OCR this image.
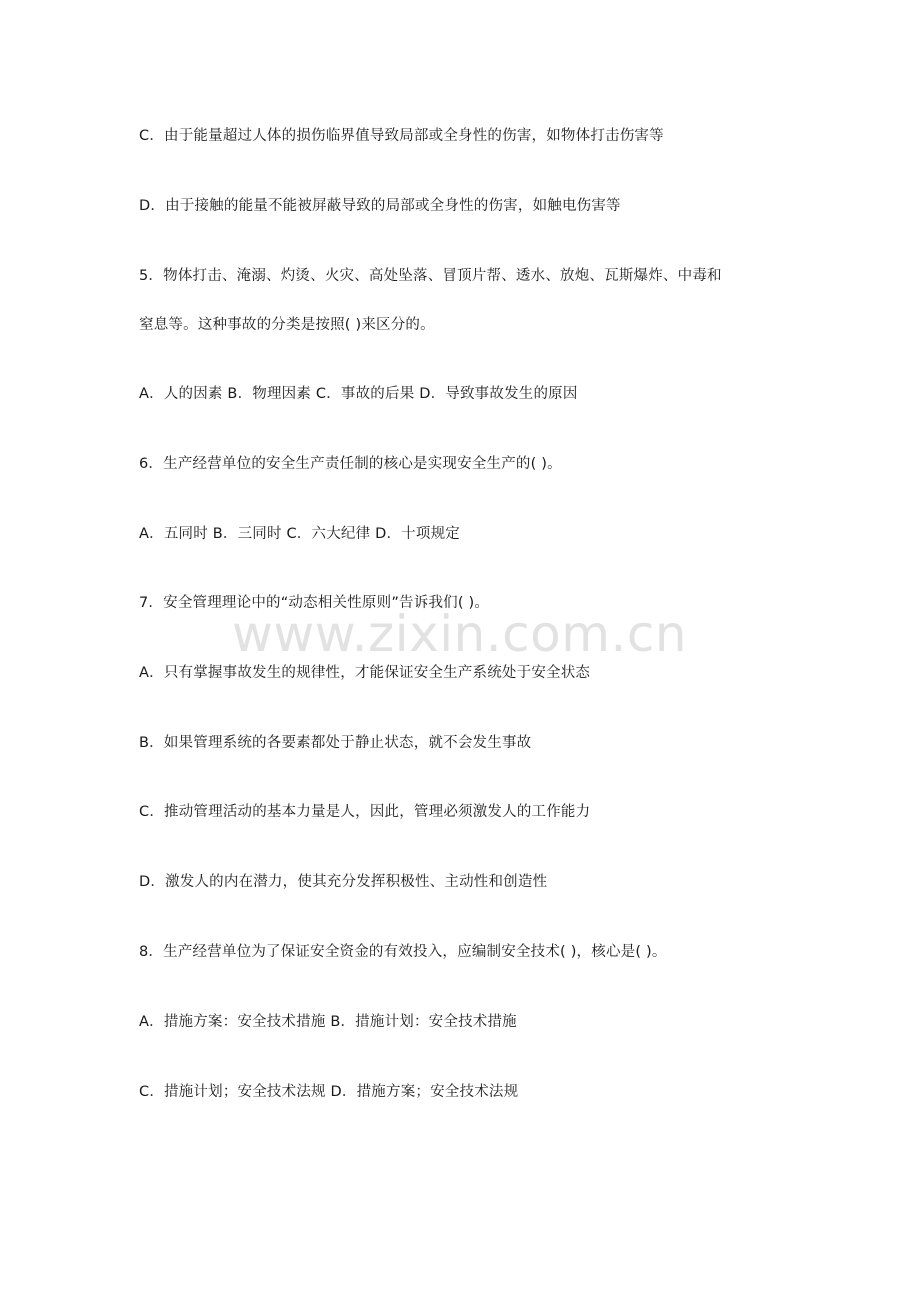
www.zixin.com.cn
C．由于能量超过人体的损伤临界值导致局部或全身性的伤害，如物体打击伤害等
D．由于接触的能量不能被屏蔽导致的局部或全身性的伤害，如触电伤害等
5．物体打击、淹溺、灼烫、火灾、高处坠落、冒顶片帮、透水、放炮、瓦斯爆炸、中毒和
窒息等。这种事故的分类是按照( )来区分的。
A．人的因素 B．物理因素 C．事故的后果 D．导致事故发生的原因
6．生产经营单位的安全生产责任制的核心是实现安全生产的( )。
A．五同时 B．三同时 C．六大纪律 D．十项规定
7．安全管理理论中的“动态相关性原则”告诉我们( )。
A．只有掌握事故发生的规律性，才能保证安全生产系统处于安全状态
B．如果管理系统的各要素都处于静止状态，就不会发生事故
C．推动管理活动的基本力量是人，因此，管理必须激发人的工作能力
D．激发人的内在潜力，使其充分发挥积极性、主动性和创造性
8．生产经营单位为了保证安全资金的有效投入，应编制安全技术( )，核心是( )。
A．措施方案：安全技术措施 B．措施计划：安全技术措施
C．措施计划；安全技术法规 D．措施方案；安全技术法规
